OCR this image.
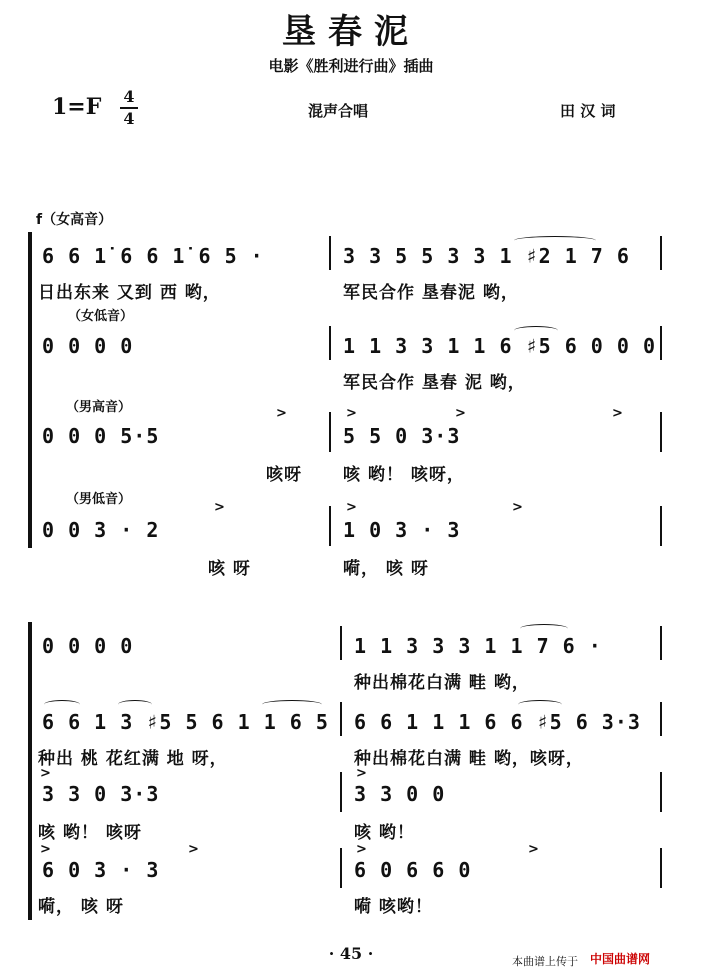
垦春泥
电影《胜利进行曲》插曲
1=F 4
4	混声合唱	田 汉 词
f（女高音）
6 6 1̇ 6 6 1̇ 6 5 ·	3 3 5 5 3 3 1 ♯2 1 7 6
日出东来 又到 西 哟，	军民合作 垦春泥 哟，
（女低音）
0 0 0 0	1 1 3 3 1 1 6 ♯5 6 0 0 0
军民合作 垦春 泥 哟，
（男高音）	>	>	>	>
0 0 0 5·5	5 5 0 3·3
咳呀 咳 哟！ 咳呀，
（男低音）
>	>	>
0 0 3 · 2	1 0 3 · 3
咳 呀	嗬， 咳 呀
0 0 0 0	1 1 3 3 3 1 1 7 6 ·
种出棉花白满 畦 哟，
6 6 1 3 ♯5 5 6 1 1 6 5 6 6 1 1 1 6 6 ♯5 6 3·3
种出 桃 花红满 地 呀，	种出棉花白满 畦 哟，咳呀，
>	>
3 3 0 3·3	3 3 0 0
咳 哟！ 咳呀	咳 哟！
>	>	>	>
6 0 3 · 3	6 0 6 6 0
嗬， 咳 呀	嗬 咳哟！
· 45 ·	本曲谱上传于 中国曲谱网
